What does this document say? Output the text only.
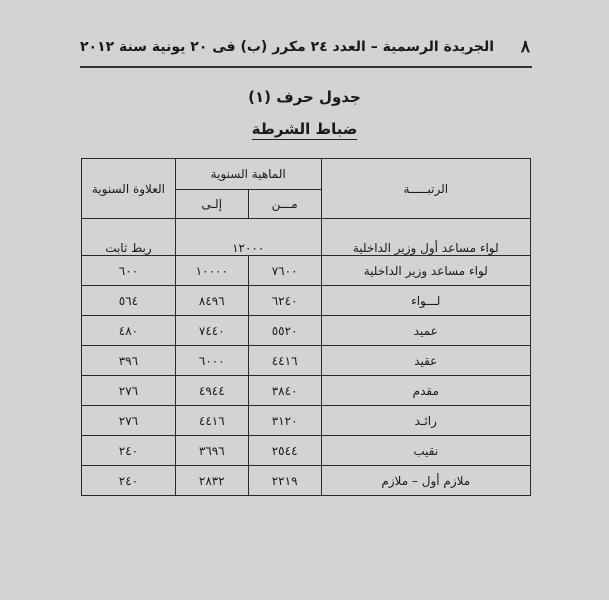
٨
الجريدة الرسمية – العدد ٢٤ مكرر (ب) فى ٢٠ يونية سنة ٢٠١٢
جدول حرف (١)
ضباط الشرطة
الرتبـــــة	الماهية السنوية		العلاوة السنوية
	مـــن	إلـى	
لواء مساعد أول وزير الداخلية	١٢٠٠٠		ربط ثابت
لواء مساعد وزير الداخلية	٧٦٠٠	١٠٠٠٠	٦٠٠
لـــواء	٦٢٤٠	٨٤٩٦	٥٦٤
عميد	٥٥٢٠	٧٤٤٠	٤٨٠
عقيد	٤٤١٦	٦٠٠٠	٣٩٦
مقدم	٣٨٤٠	٤٩٤٤	٢٧٦
رائـد	٣١٢٠	٤٤١٦	٢٧٦
نقيب	٢٥٤٤	٣٦٩٦	٢٤٠
ملازم أول – ملازم	٢٢١٩	٢٨٣٢	٢٤٠
